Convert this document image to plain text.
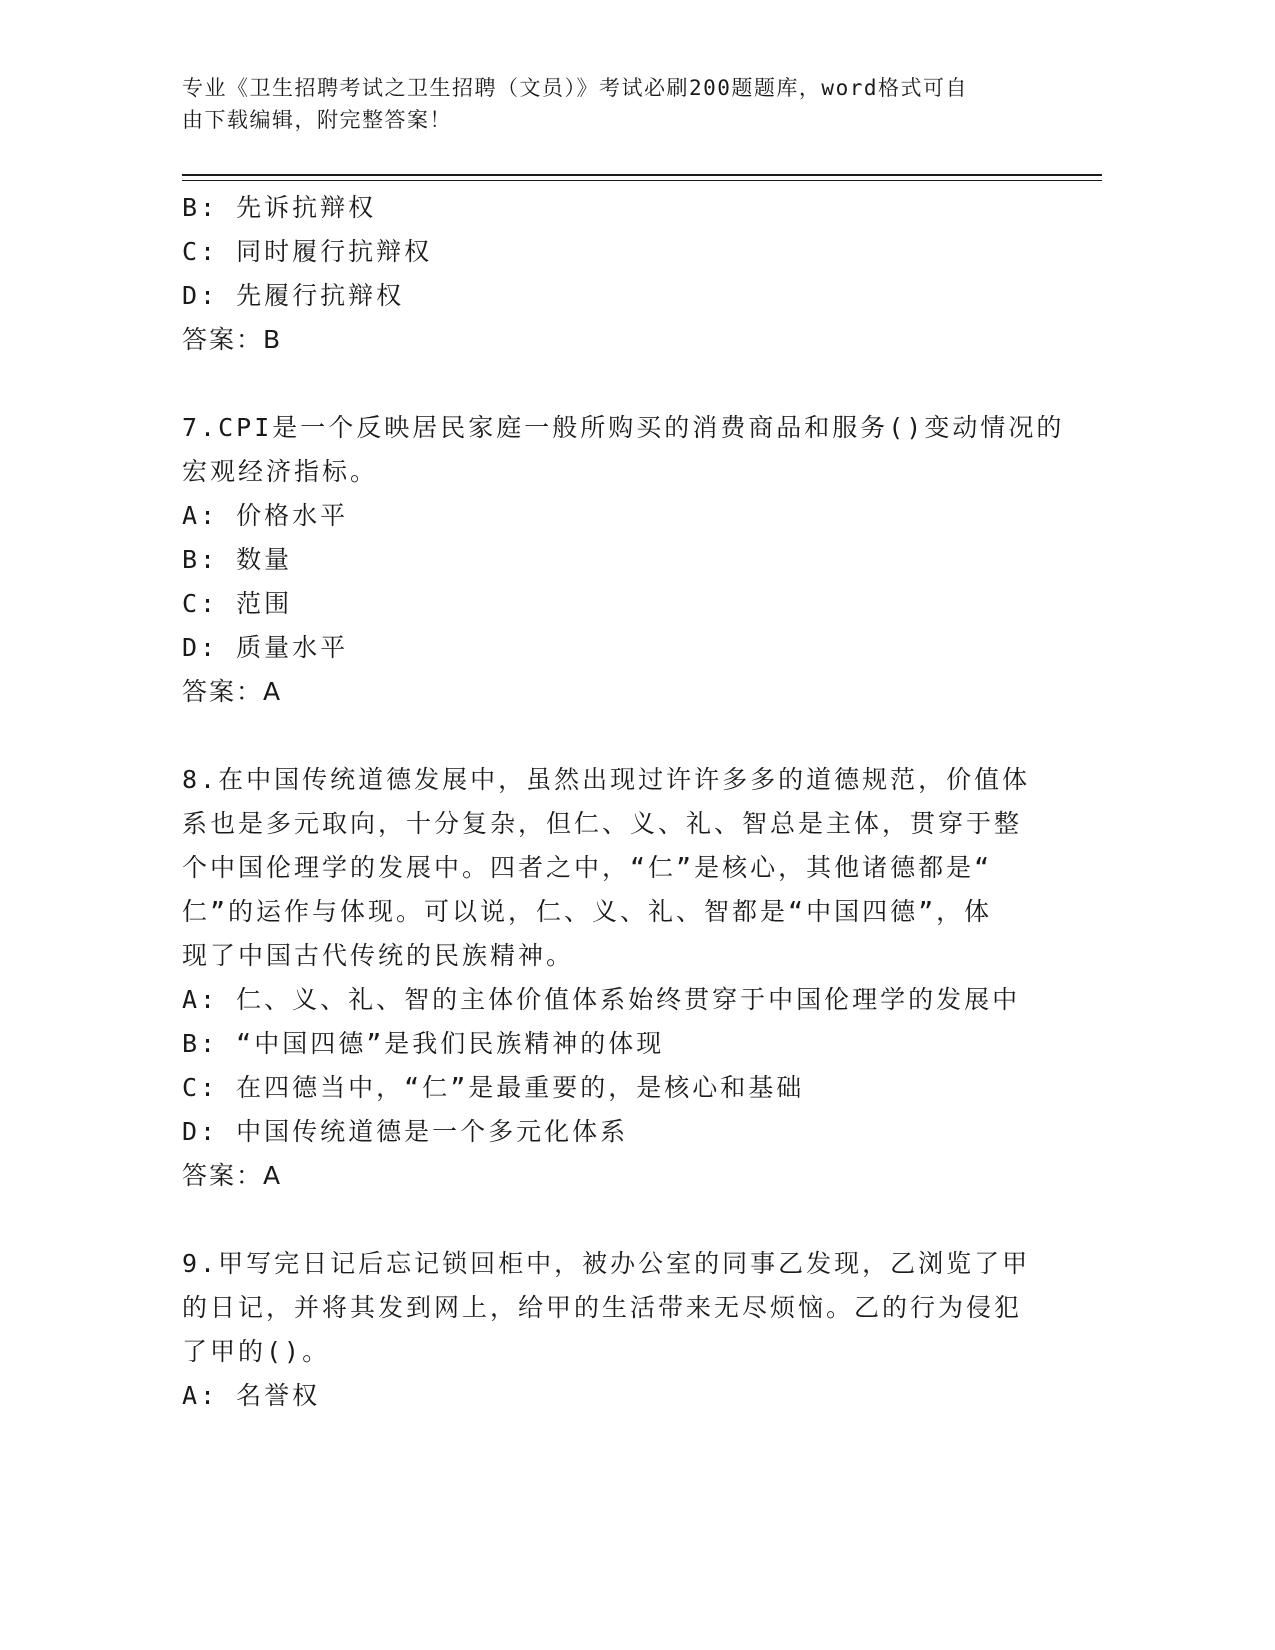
专业《卫生招聘考试之卫生招聘（文员）》考试必刷200题题库，word格式可自
由下载编辑，附完整答案！
B: 先诉抗辩权
C: 同时履行抗辩权
D: 先履行抗辩权
答案：B
7.CPI是一个反映居民家庭一般所购买的消费商品和服务()变动情况的
宏观经济指标。
A: 价格水平
B: 数量
C: 范围
D: 质量水平
答案：A
8.在中国传统道德发展中，虽然出现过许许多多的道德规范，价值体
系也是多元取向，十分复杂，但仁、义、礼、智总是主体，贯穿于整
个中国伦理学的发展中。四者之中，“仁”是核心，其他诸德都是“
仁”的运作与体现。可以说，仁、义、礼、智都是“中国四德”，体
现了中国古代传统的民族精神。
A: 仁、义、礼、智的主体价值体系始终贯穿于中国伦理学的发展中
B: “中国四德”是我们民族精神的体现
C: 在四德当中，“仁”是最重要的，是核心和基础
D: 中国传统道德是一个多元化体系
答案：A
9.甲写完日记后忘记锁回柜中，被办公室的同事乙发现，乙浏览了甲
的日记，并将其发到网上，给甲的生活带来无尽烦恼。乙的行为侵犯
了甲的()。
A: 名誉权
